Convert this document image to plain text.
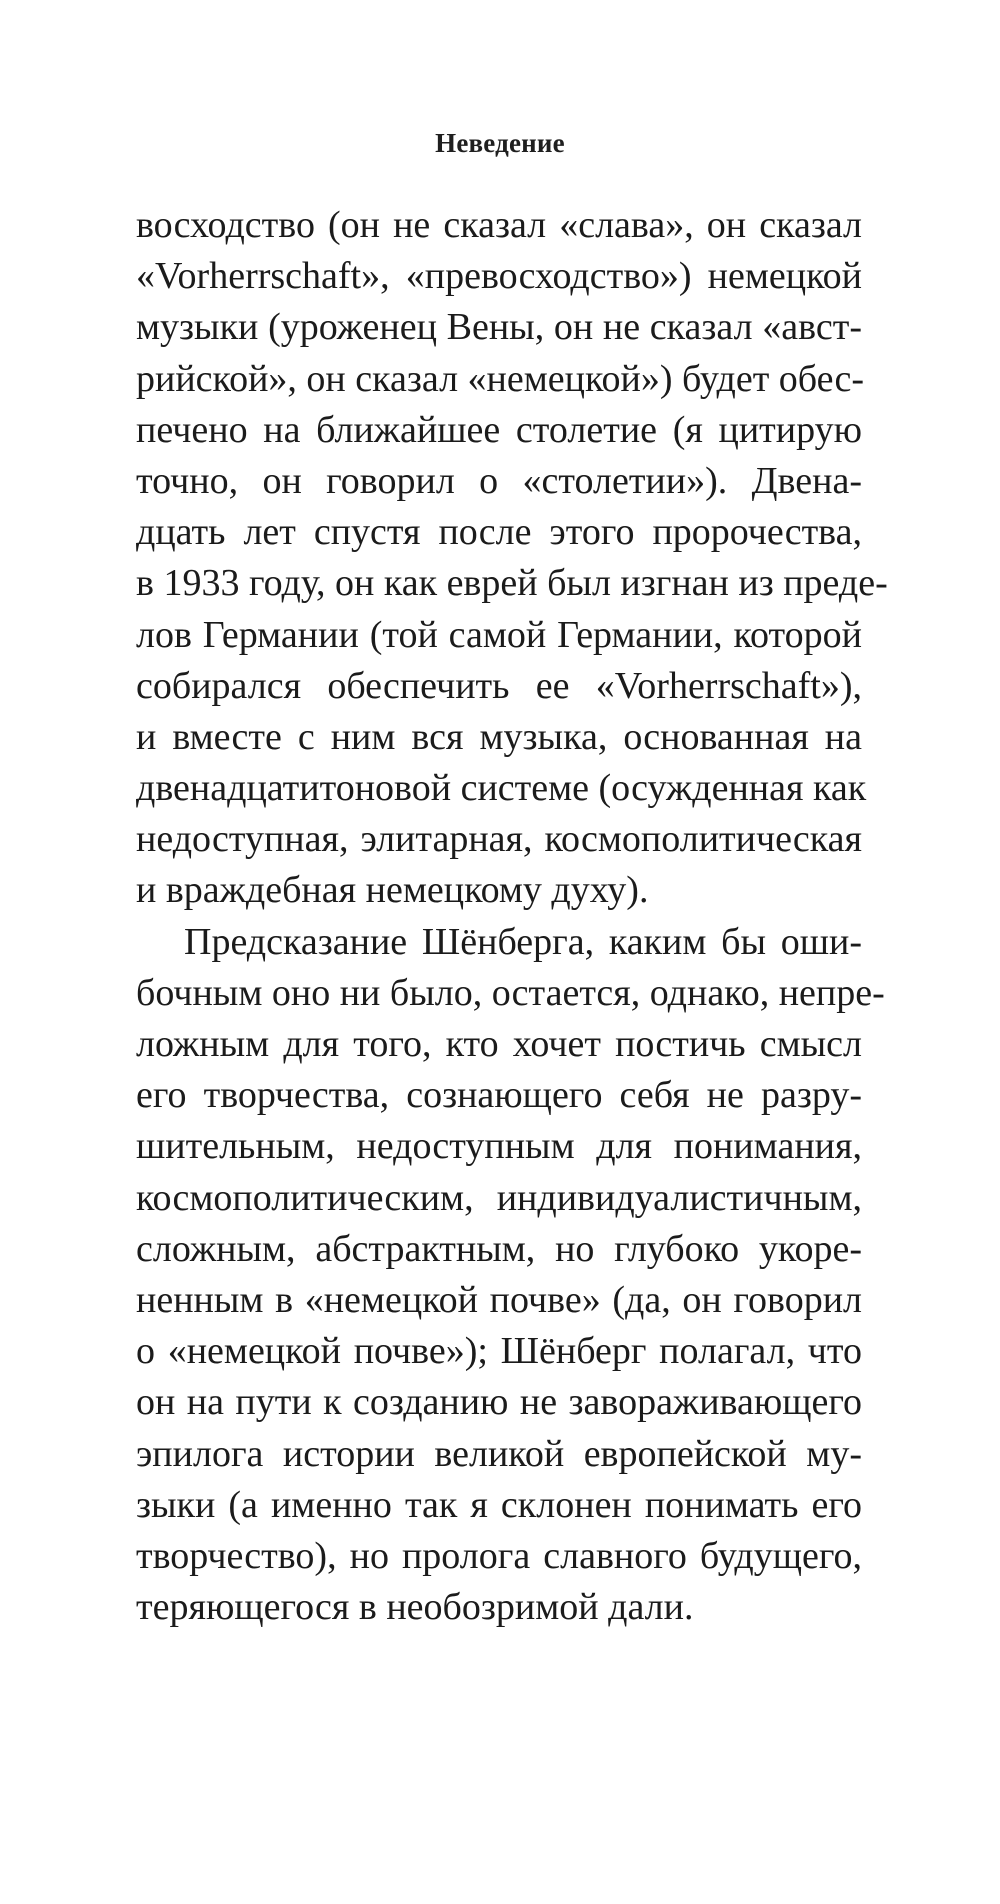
Неведение
восходство (он не сказал «слава», он сказал
«Vorherrschaft», «превосходство») немецкой
музыки (уроженец Вены, он не сказал «авст-
рийской», он сказал «немецкой») будет обес-
печено на ближайшее столетие (я цитирую
точно, он говорил о «столетии»). Двена-
дцать лет спустя после этого пророчества,
в 1933 году, он как еврей был изгнан из преде-
лов Германии (той самой Германии, которой
собирался обеспечить ее «Vorherrschaft»),
и вместе с ним вся музыка, основанная на
двенадцатитоновой системе (осужденная как
недоступная, элитарная, космополитическая
и враждебная немецкому духу).
Предсказание Шёнберга, каким бы оши-
бочным оно ни было, остается, однако, непре-
ложным для того, кто хочет постичь смысл
его творчества, сознающего себя не разру-
шительным, недоступным для понимания,
космополитическим, индивидуалистичным,
сложным, абстрактным, но глубоко укоре-
ненным в «немецкой почве» (да, он говорил
о «немецкой почве»); Шёнберг полагал, что
он на пути к созданию не завораживающего
эпилога истории великой европейской му-
зыки (а именно так я склонен понимать его
творчество), но пролога славного будущего,
теряющегося в необозримой дали.
